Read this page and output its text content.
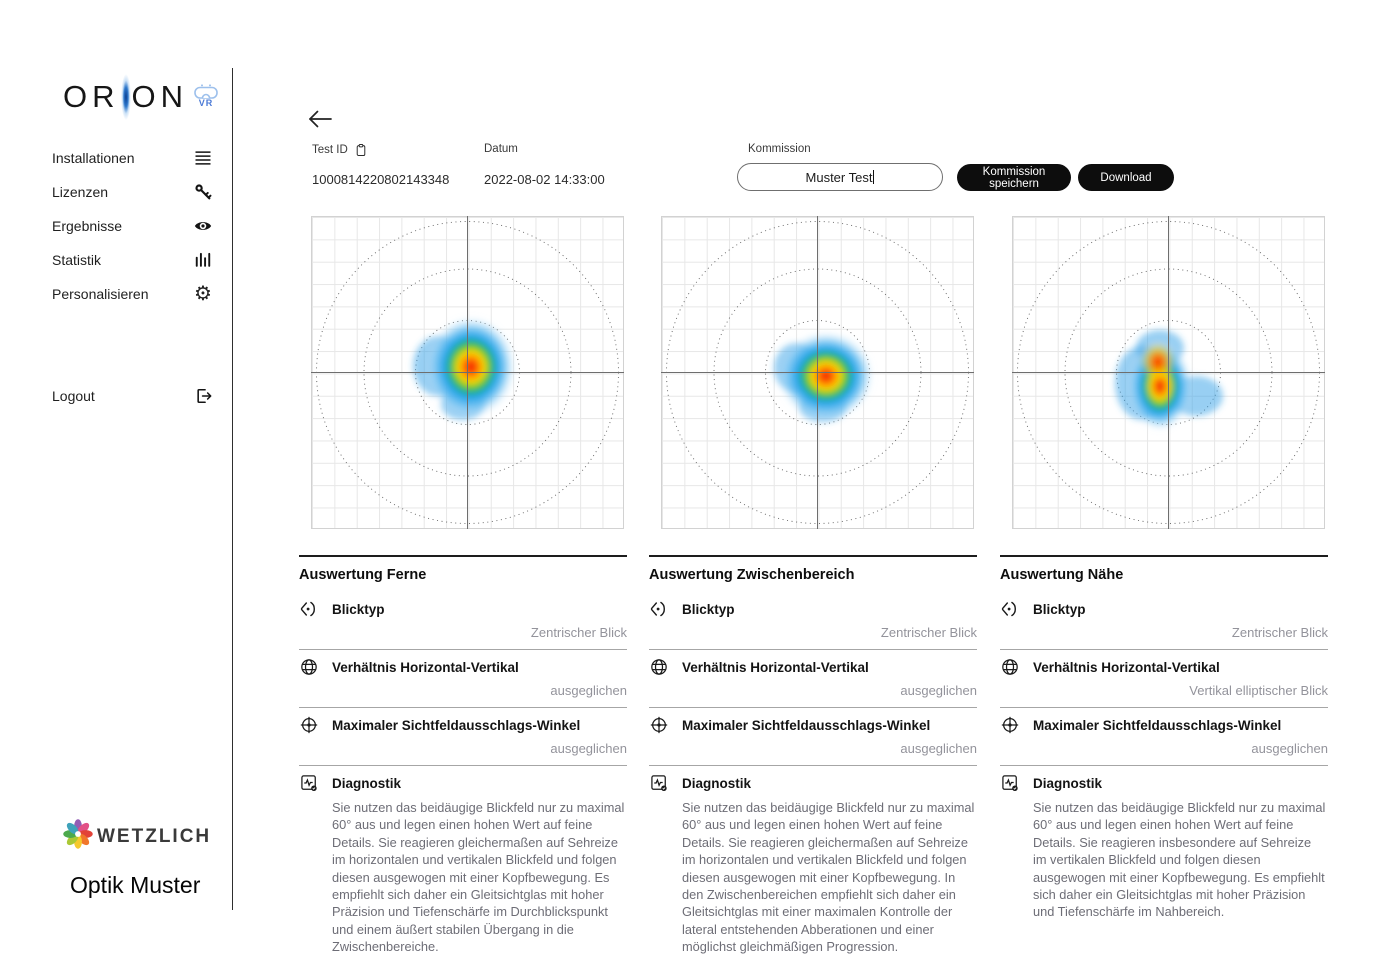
OR ON VR
Installationen
Lizenzen
Ergebnisse
Statistik
Personalisieren ⚙
Logout
WETZLICH
Optik Muster
Test ID
1000814220802143348
Datum
2022-08-02 14:33:00
Kommission
Muster Test	Kommission speichern	Download
Auswertung Ferne
Blicktyp
Zentrischer Blick
Verhältnis Horizontal-Vertikal
ausgeglichen
Maximaler Sichtfeldausschlags-Winkel
ausgeglichen
Diagnostik

Sie nutzen das beidäugige Blickfeld nur zu maximal 60° aus und legen einen hohen Wert auf feine Details. Sie reagieren gleichermaßen auf Sehreize im horizontalen und vertikalen Blickfeld und folgen diesen ausgewogen mit einer Kopfbewegung. Es empfiehlt sich daher ein Gleitsichtglas mit hoher Präzision und Tiefenschärfe im Durchblickspunkt und einem äußert stabilen Übergang in die Zwischenbereiche.

Auswertung Zwischenbereich
Blicktyp
Zentrischer Blick
Verhältnis Horizontal-Vertikal
ausgeglichen
Maximaler Sichtfeldausschlags-Winkel
ausgeglichen
Diagnostik

Sie nutzen das beidäugige Blickfeld nur zu maximal 60° aus und legen einen hohen Wert auf feine Details. Sie reagieren gleichermaßen auf Sehreize im horizontalen und vertikalen Blickfeld und folgen diesen ausgewogen mit einer Kopfbewegung. In den Zwischenbereichen empfiehlt sich daher ein Gleitsichtglas mit einer maximalen Kontrolle der lateral entstehenden Abberationen und einer möglichst gleichmäßigen Progression.

Auswertung Nähe
Blicktyp
Zentrischer Blick
Verhältnis Horizontal-Vertikal
Vertikal elliptischer Blick
Maximaler Sichtfeldausschlags-Winkel
ausgeglichen
Diagnostik

Sie nutzen das beidäugige Blickfeld nur zu maximal 60° aus und legen einen hohen Wert auf feine Details. Sie reagieren insbesondere auf Sehreize im vertikalen Blickfeld und folgen diesen ausgewogen mit einer Kopfbewegung. Es empfiehlt sich daher ein Gleitsichtglas mit hoher Präzision und Tiefenschärfe im Nahbereich.
